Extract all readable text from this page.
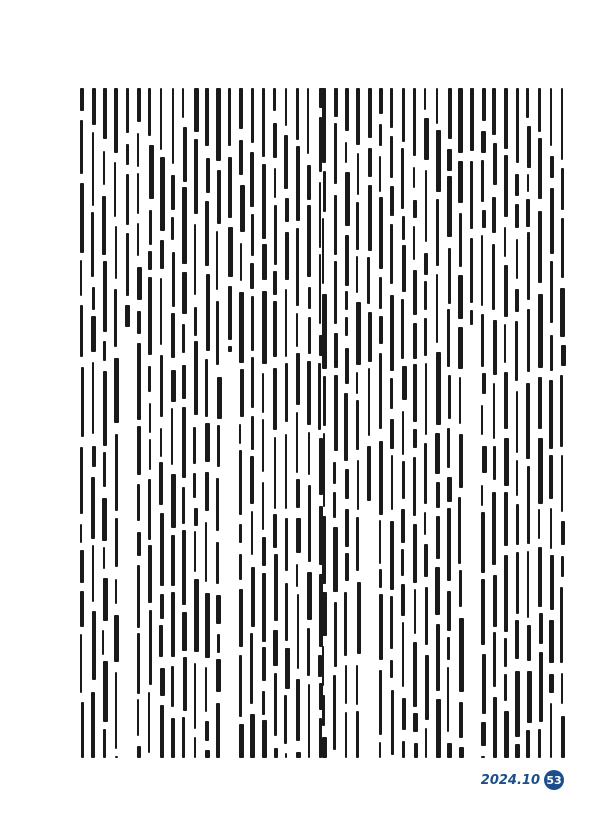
2024.10 53
